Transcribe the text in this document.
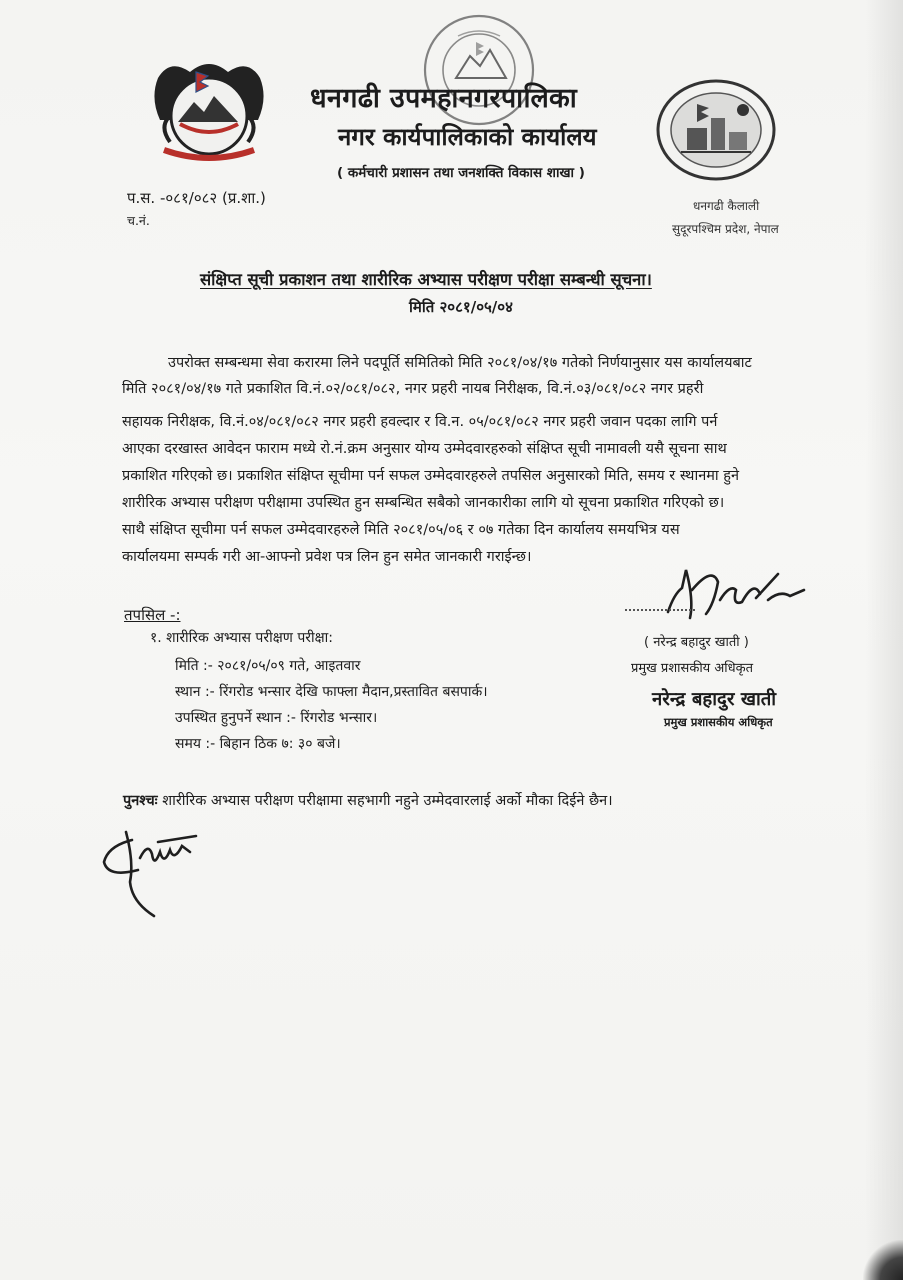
धनगढी उपमहानगरपालिका
नगर कार्यपालिकाको कार्यालय
( कर्मचारी प्रशासन तथा जनशक्ति विकास शाखा )
प.स. -०८१/०८२ (प्र.शा.)
च.नं.
धनगढी कैलाली
सुदूरपश्चिम प्रदेश, नेपाल
संक्षिप्त सूची प्रकाशन तथा शारीरिक अभ्यास परीक्षण परीक्षा सम्बन्धी सूचना।
मिति २०८१/०५/०४
उपरोक्त सम्बन्धमा सेवा करारमा लिने पदपूर्ति समितिको मिति २०८१/०४/१७ गतेको निर्णयानुसार यस कार्यालयबाट
मिति २०८१/०४/१७ गते प्रकाशित वि.नं.०२/०८१/०८२, नगर प्रहरी नायब निरीक्षक, वि.नं.०३/०८१/०८२ नगर प्रहरी
सहायक निरीक्षक, वि.नं.०४/०८१/०८२ नगर प्रहरी हवल्दार र वि.न. ०५/०८१/०८२ नगर प्रहरी जवान पदका लागि पर्न
आएका दरखास्त आवेदन फाराम मध्ये रो.नं.क्रम अनुसार योग्य उम्मेदवारहरुको संक्षिप्त सूची नामावली यसै सूचना साथ
प्रकाशित गरिएको छ। प्रकाशित संक्षिप्त सूचीमा पर्न सफल उम्मेदवारहरुले तपसिल अनुसारको मिति, समय र स्थानमा हुने
शारीरिक अभ्यास परीक्षण परीक्षामा उपस्थित हुन सम्बन्धित सबैको जानकारीका लागि यो सूचना प्रकाशित गरिएको छ।
साथै संक्षिप्त सूचीमा पर्न सफल उम्मेदवारहरुले मिति २०८१/०५/०६ र ०७ गतेका दिन कार्यालय समयभित्र यस
कार्यालयमा सम्पर्क गरी आ-आफ्नो प्रवेश पत्र लिन हुन समेत जानकारी गराईन्छ।
तपसिल -:
१. शारीरिक अभ्यास परीक्षण परीक्षा:
मिति :- २०८१/०५/०९ गते, आइतवार
स्थान :- रिंगरोड भन्सार देखि फाफ्ला मैदान,प्रस्तावित बसपार्क।
उपस्थित हुनुपर्ने स्थान :- रिंगरोड भन्सार।
समय :- बिहान ठिक ७: ३० बजे।
( नरेन्द्र बहादुर खाती )
प्रमुख प्रशासकीय अधिकृत
नरेन्द्र बहादुर खाती
प्रमुख प्रशासकीय अधिकृत
पुनश्चः शारीरिक अभ्यास परीक्षण परीक्षामा सहभागी नहुने उम्मेदवारलाई अर्को मौका दिईने छैन।
